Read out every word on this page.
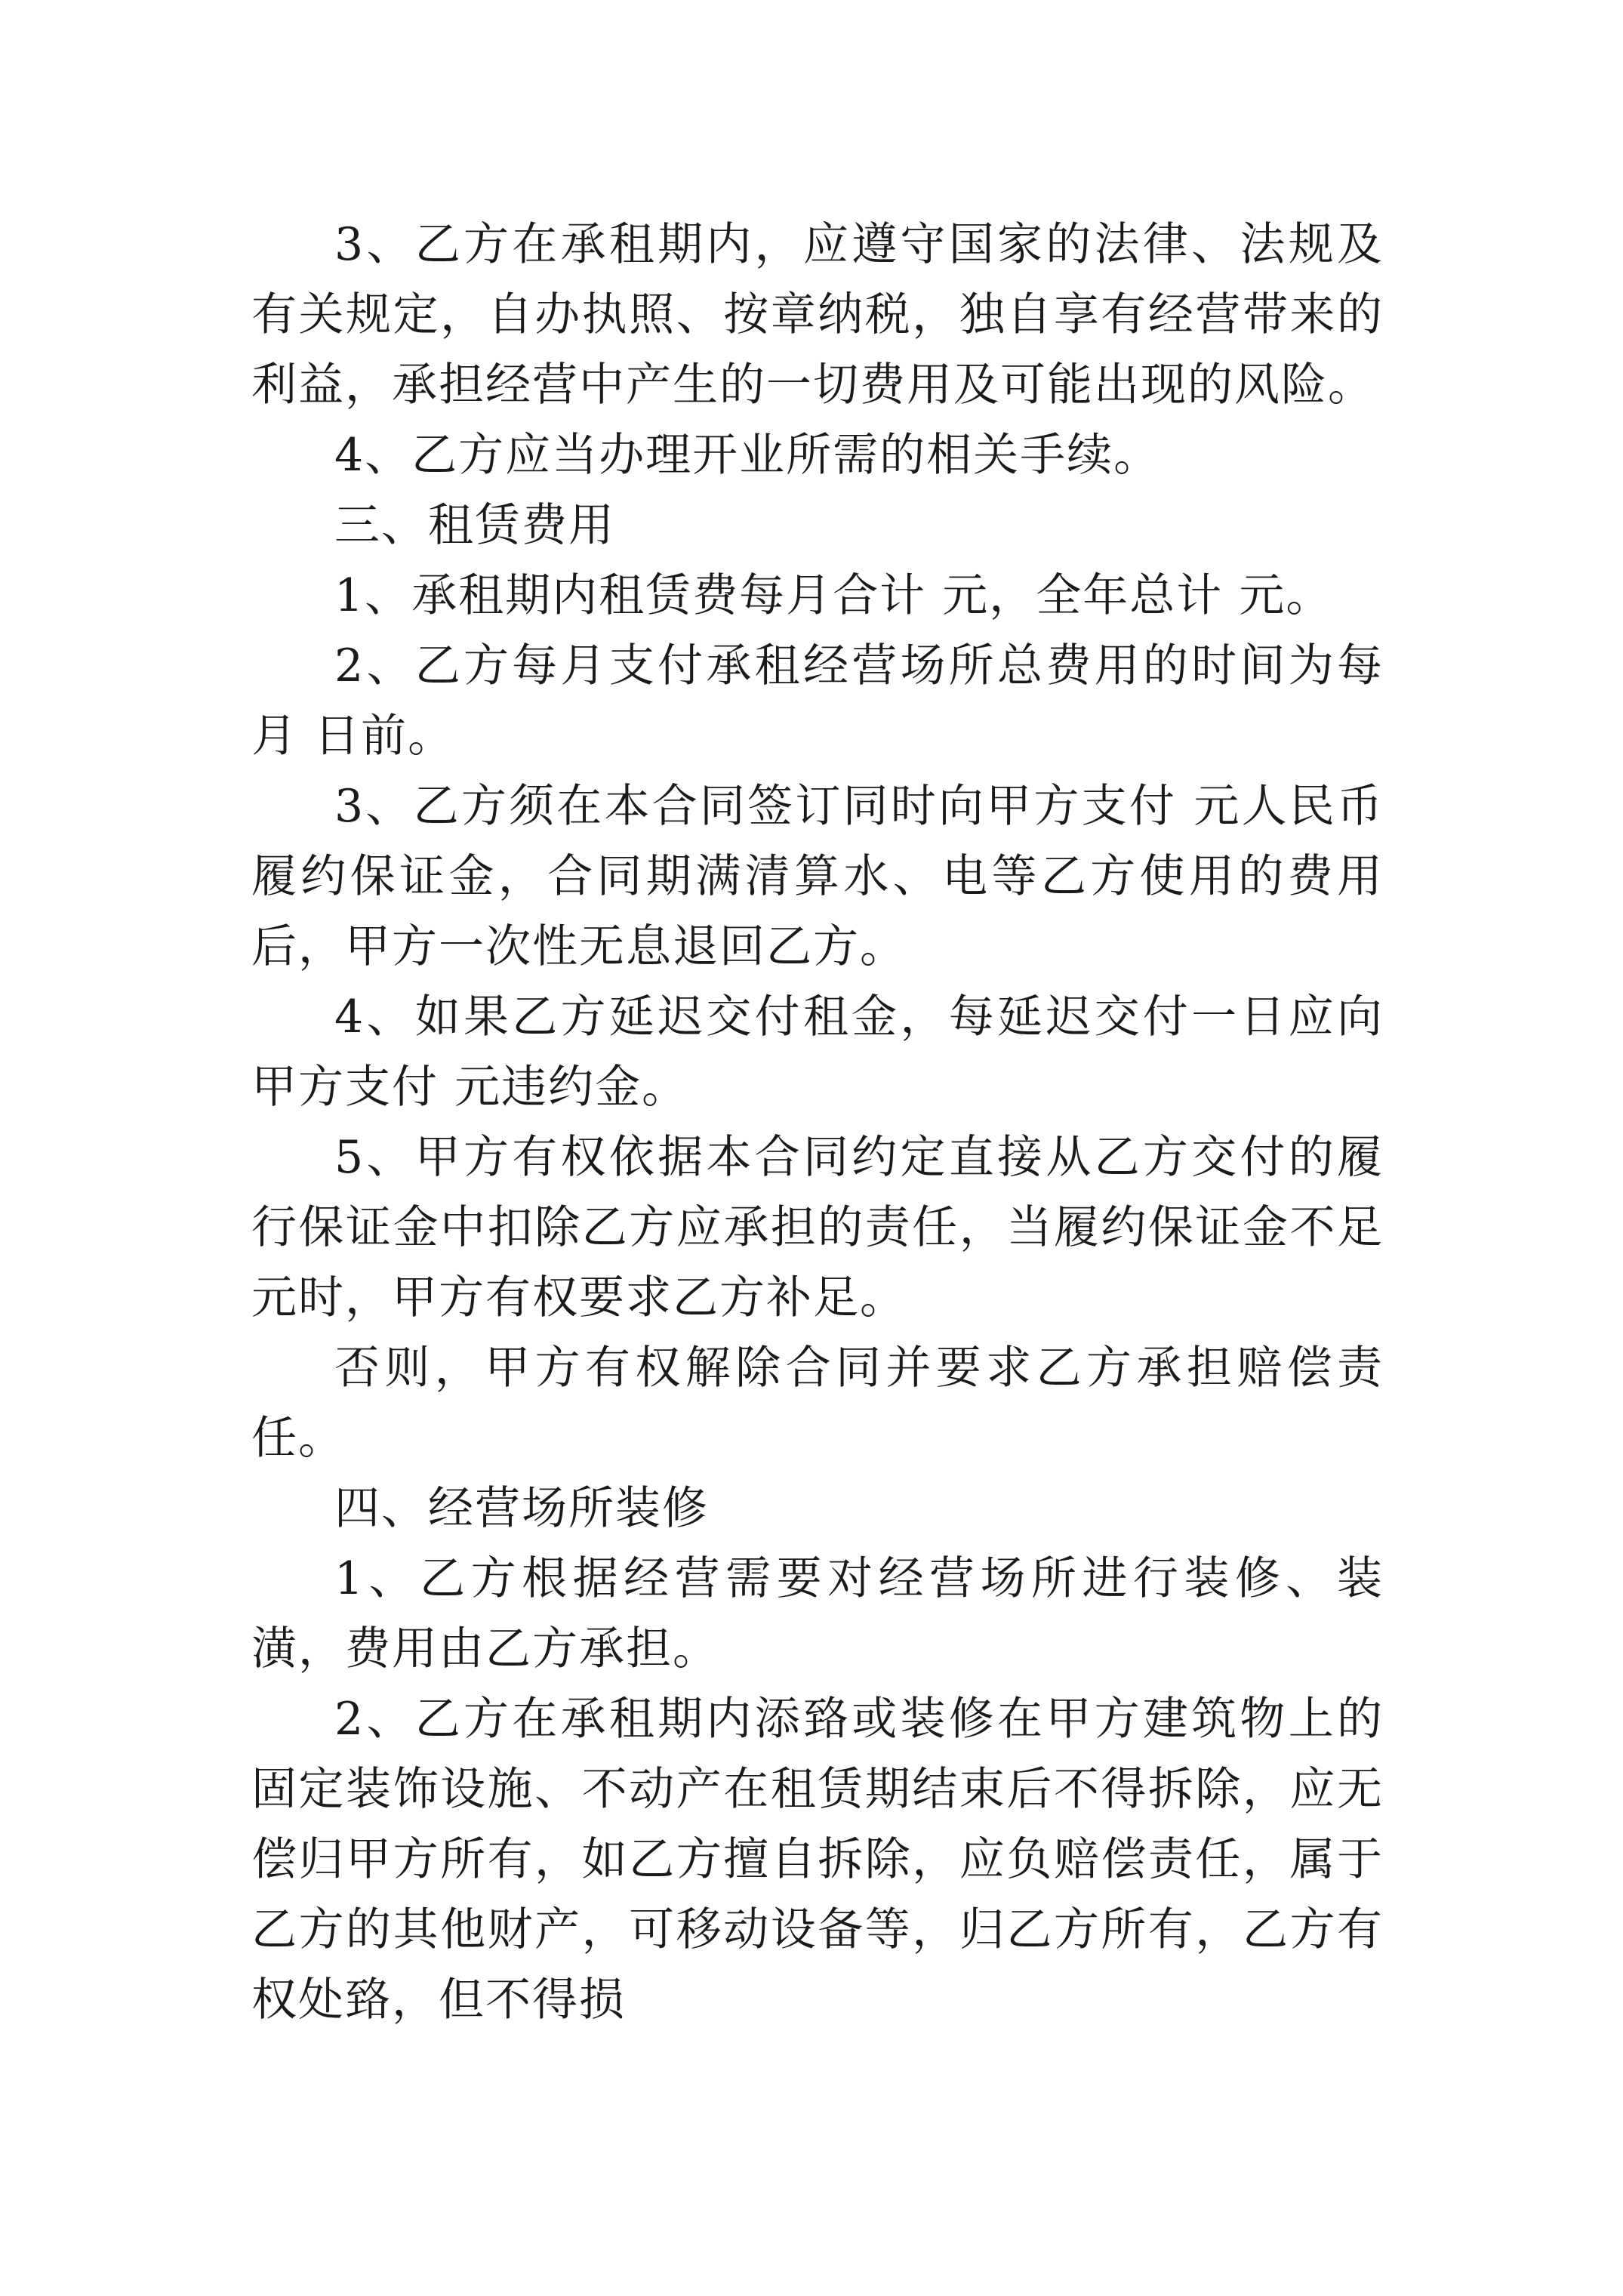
3、乙方在承租期内，应遵守国家的法律、法规及有关规定，自办执照、按章纳税，独自享有经营带来的利益，承担经营中产生的一切费用及可能出现的风险。

4、乙方应当办理开业所需的相关手续。

三、租赁费用

1、承租期内租赁费每月合计 元，全年总计 元。

2、乙方每月支付承租经营场所总费用的时间为每月 日前。

3、乙方须在本合同签订同时向甲方支付 元人民币履约保证金，合同期满清算水、电等乙方使用的费用后，甲方一次性无息退回乙方。

4、如果乙方延迟交付租金，每延迟交付一日应向甲方支付 元违约金。

5、甲方有权依据本合同约定直接从乙方交付的履行保证金中扣除乙方应承担的责任，当履约保证金不足 元时，甲方有权要求乙方补足。

否则，甲方有权解除合同并要求乙方承担赔偿责任。

四、经营场所装修

1、乙方根据经营需要对经营场所进行装修、装潢，费用由乙方承担。

2、乙方在承租期内添臵或装修在甲方建筑物上的固定装饰设施、不动产在租赁期结束后不得拆除，应无偿归甲方所有，如乙方擅自拆除，应负赔偿责任，属于乙方的其他财产，可移动设备等，归乙方所有，乙方有权处臵，但不得损
